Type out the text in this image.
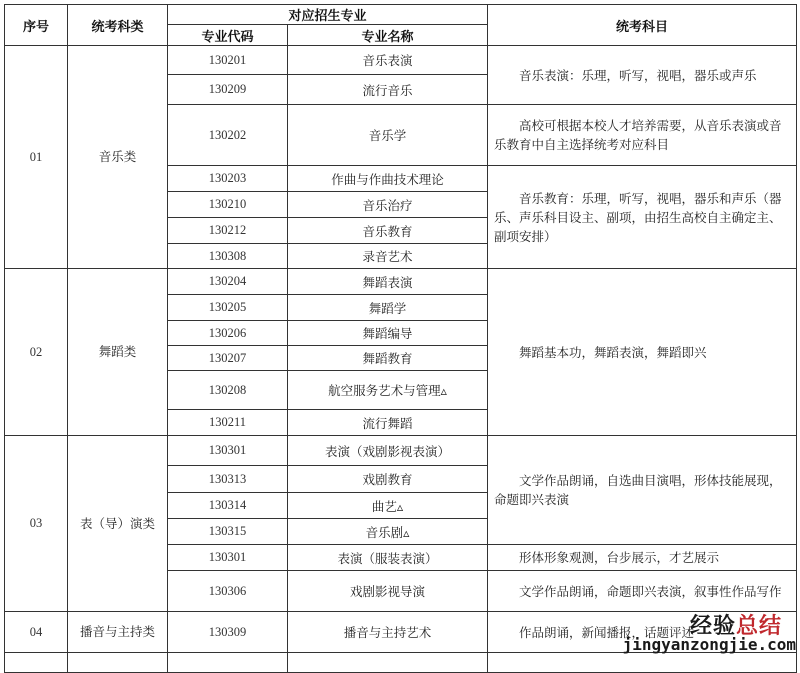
序号	统考科类	对应招生专业		统考科目
		专业代码	专业名称	
01	音乐类	130201	音乐表演	音乐表演：乐理，听写，视唱，器乐或声乐

		130209	流行音乐	
		130202	音乐学	高校可根据本校人才培养需要，从音乐表演或音乐教育中自主选择统考对应科目

		130203	作曲与作曲技术理论	音乐教育：乐理，听写，视唱，器乐和声乐（器乐、声乐科目设主、副项，由招生高校自主确定主、副项安排）

		130210	音乐治疗	
		130212	音乐教育	
		130308	录音艺术	
02	舞蹈类	130204	舞蹈表演	舞蹈基本功，舞蹈表演，舞蹈即兴

		130205	舞蹈学	
		130206	舞蹈编导	
		130207	舞蹈教育	
		130208	航空服务艺术与管理▵	
		130211	流行舞蹈	
03	表（导）演类	130301	表演（戏剧影视表演）	文学作品朗诵，自选曲目演唱，形体技能展现，命题即兴表演

		130313	戏剧教育	
		130314	曲艺▵	
		130315	音乐剧▵	
		130301	表演（服装表演）	形体形象观测，台步展示，才艺展示

		130306	戏剧影视导演	文学作品朗诵，命题即兴表演，叙事性作品写作

04	播音与主持类	130309	播音与主持艺术	作品朗诵，新闻播报，话题评述

经验总结
jingyanzongjie.com
